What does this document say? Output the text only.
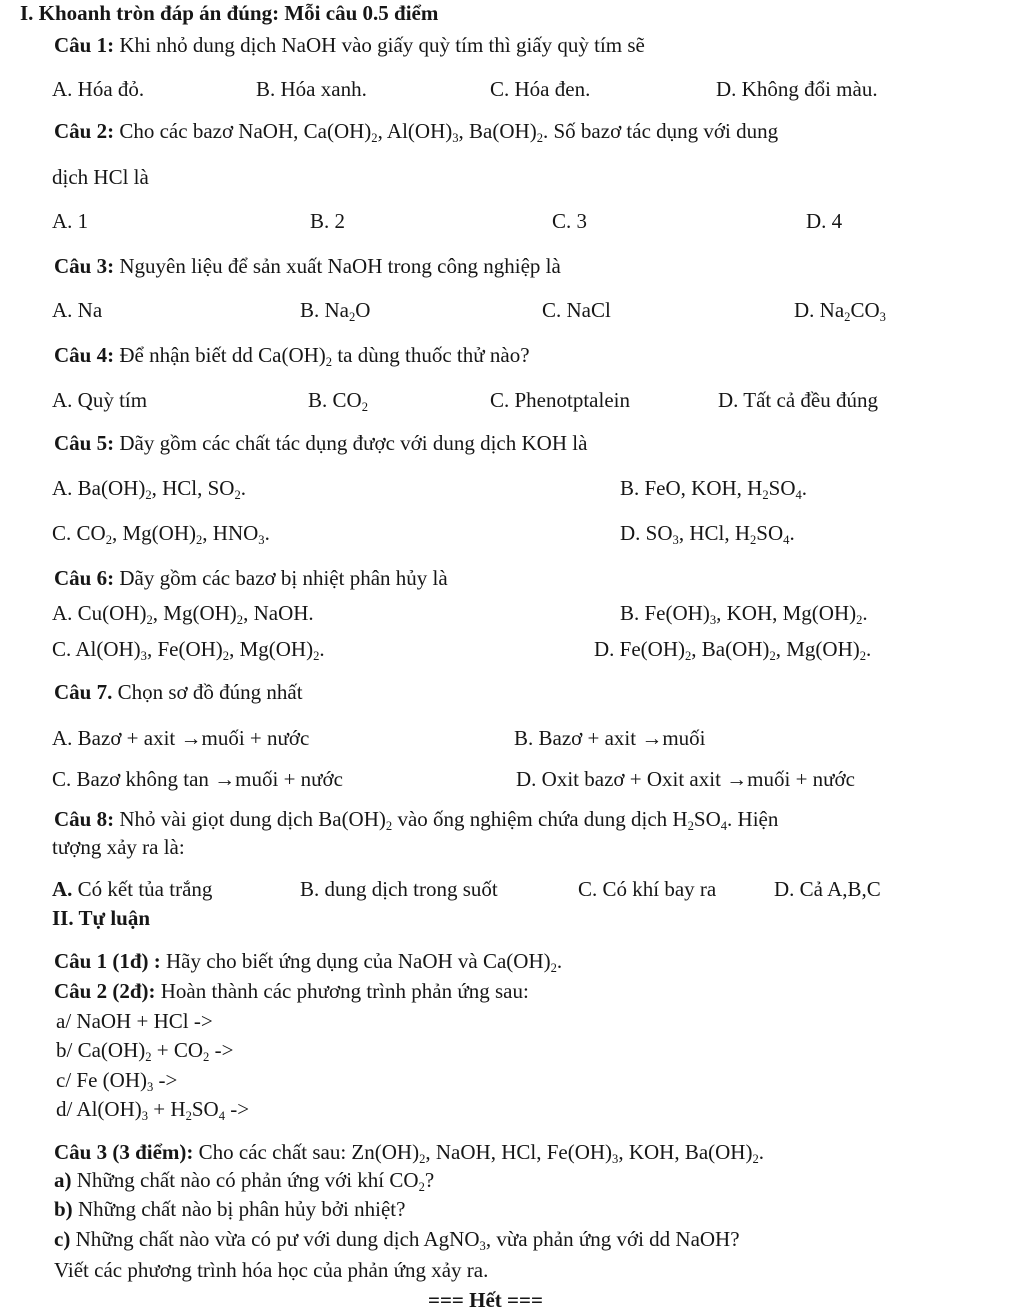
I. Khoanh tròn đáp án đúng: Mỗi câu 0.5 điểm
Câu 1: Khi nhỏ dung dịch NaOH vào giấy quỳ tím thì giấy quỳ tím sẽ
A. Hóa đỏ.	B. Hóa xanh.	C. Hóa đen.	D. Không đổi màu.
Câu 2: Cho các bazơ NaOH, $Ca(OH)_2$, $Al(OH)_3$, $Ba(OH)_2$. Số bazơ tác dụng với dung
dịch HCl là
A. 1	B. 2	C. 3	D. 4
Câu 3: Nguyên liệu để sản xuất NaOH trong công nghiệp là
A. Na	B. $Na_2O$	C. NaCl	D. $Na_2CO_3$
Câu 4: Để nhận biết dd $Ca(OH)_2$ ta dùng thuốc thử nào?
A. Quỳ tím	B. $CO_2$	C. Phenotptalein	D. Tất cả đều đúng
Câu 5: Dãy gồm các chất tác dụng được với dung dịch KOH là
A. $Ba(OH)_2$, HCl, $SO_2$.	B. FeO, KOH, $H_2SO_4$.
C. $CO_2$, $Mg(OH)_2$, $HNO_3$.	D. $SO_3$, HCl, $H_2SO_4$.
Câu 6: Dãy gồm các bazơ bị nhiệt phân hủy là
A. $Cu(OH)_2$, $Mg(OH)_2$, NaOH.	B. $Fe(OH)_3$, KOH, $Mg(OH)_2$.
C. $Al(OH)_3$, $Fe(OH)_2$, $Mg(OH)_2$.	D. $Fe(OH)_2$, $Ba(OH)_2$, $Mg(OH)_2$.
Câu 7. Chọn sơ đồ đúng nhất
A. Bazơ + axit →muối + nước	B. Bazơ + axit →muối
C. Bazơ không tan →muối + nước	D. Oxit bazơ + Oxit axit →muối + nước
Câu 8: Nhỏ vài giọt dung dịch $Ba(OH)_2$ vào ống nghiệm chứa dung dịch $H_2SO_4$. Hiện
tượng xảy ra là:
A. Có kết tủa trắng	B. dung dịch trong suốt	C. Có khí bay ra	D. Cả A,B,C
II. Tự luận
Câu 1 (1đ) : Hãy cho biết ứng dụng của NaOH và $Ca(OH)_2$.
Câu 2 (2đ): Hoàn thành các phương trình phản ứng sau:
a/ NaOH + HCl ->
b/ $Ca(OH)_2 + CO_2$ ->
c/ Fe $(OH)_3$ ->
d/ $Al(OH)_3 + H_2SO_4$ ->
Câu 3 (3 điểm): Cho các chất sau: $Zn(OH)_2$, NaOH, HCl, $Fe(OH)_3$, KOH, $Ba(OH)_2$.
a) Những chất nào có phản ứng với khí $CO_2$?
b) Những chất nào bị phân hủy bởi nhiệt?
c) Những chất nào vừa có pư với dung dịch AgNO$_3$, vừa phản ứng với dd NaOH?
Viết các phương trình hóa học của phản ứng xảy ra.
=== Hết ===
